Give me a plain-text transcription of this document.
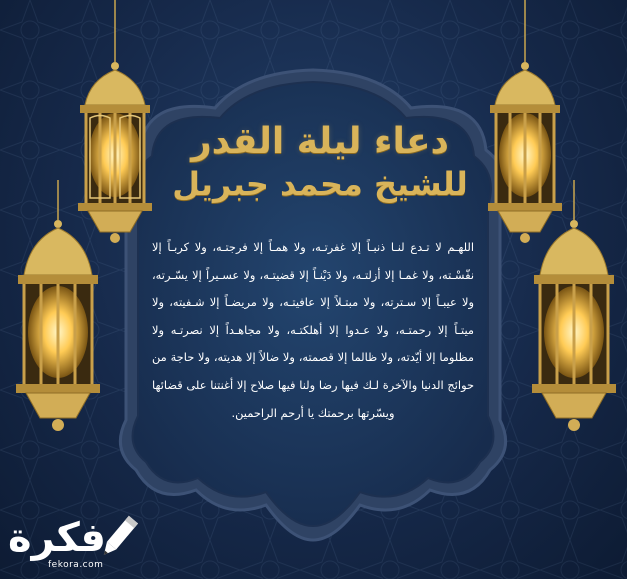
دعاء ليلة القدر
للشيخ محمد جبريل
اللهـم لا تـدع لنـا ذنبـاً إلا غفرتـه، ولا همـاً إلا فرجتـه، ولا كربـاً إلا نفّسْـته، ولا غمـا إلا أزلتـه، ولا دَيْنـاً إلا قضيتـه، ولا عسـيراً إلا يسّـرته، ولا عيبـاً إلا سـترته، ولا مبتـلاً إلا عافيتـه، ولا مريضـاً إلا شـفيته، ولا ميتـاً إلا رحمتـه، ولا عـدوا إلا أهلكتـه، ولا مجاهـداً إلا نصرتـه ولا مظلوما إلا أيّدته، ولا ظالما إلا قصمته، ولا ضالاً إلا هديته، ولا حاجة من حوائج الدنيا والآخرة لـك فيها رضا ولنا فيها صلاح إلا أغنتنا على قضائها ويسّرتها برحمتك يا أرحم الراحمين.
فكرة
fekora.com
